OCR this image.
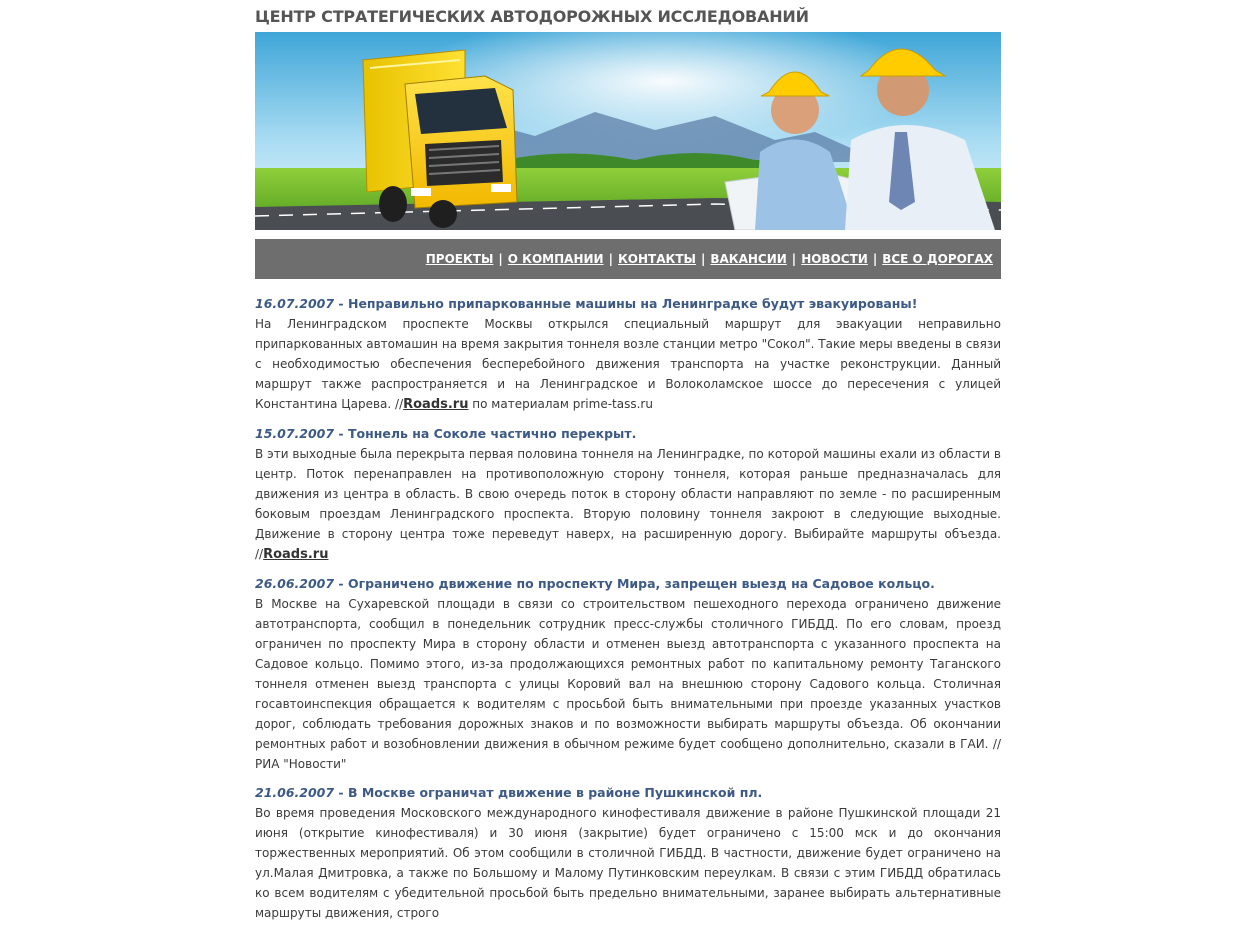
ЦЕНТР СТРАТЕГИЧЕСКИХ АВТОДОРОЖНЫХ ИССЛЕДОВАНИЙ
ПРОЕКТЫ | О КОМПАНИИ | КОНТАКТЫ | ВАКАНСИИ | НОВОСТИ | ВСЕ О ДОРОГАХ
16.07.2007 - Неправильно припаркованные машины на Ленинградке будут эвакуированы!

На Ленинградском проспекте Москвы открылся специальный маршрут для эвакуации неправильно припаркованных автомашин на время закрытия тоннеля возле станции метро "Сокол". Такие меры введены в связи с необходимостью обеспечения бесперебойного движения транспорта на участке реконструкции. Данный маршрут также распространяется и на Ленинградское и Волоколамское шоссе до пересечения с улицей Константина Царева. //Roads.ru по материалам prime-tass.ru

15.07.2007 - Тоннель на Соколе частично перекрыт.

В эти выходные была перекрыта первая половина тоннеля на Ленинградке, по которой машины ехали из области в центр. Поток перенаправлен на противоположную сторону тоннеля, которая раньше предназначалась для движения из центра в область. В свою очередь поток в сторону области направляют по земле - по расширенным боковым проездам Ленинградского проспекта. Вторую половину тоннеля закроют в следующие выходные. Движение в сторону центра тоже переведут наверх, на расширенную дорогу. Выбирайте маршруты объезда. //Roads.ru

26.06.2007 - Ограничено движение по проспекту Мира, запрещен выезд на Садовое кольцо.

В Москве на Сухаревской площади в связи со строительством пешеходного перехода ограничено движение автотранспорта, сообщил в понедельник сотрудник пресс-службы столичного ГИБДД. По его словам, проезд ограничен по проспекту Мира в сторону области и отменен выезд автотранспорта с указанного проспекта на Садовое кольцо. Помимо этого, из-за продолжающихся ремонтных работ по капитальному ремонту Таганского тоннеля отменен выезд транспорта с улицы Коровий вал на внешнюю сторону Садового кольца. Столичная госавтоинспекция обращается к водителям с просьбой быть внимательными при проезде указанных участков дорог, соблюдать требования дорожных знаков и по возможности выбирать маршруты объезда. Об окончании ремонтных работ и возобновлении движения в обычном режиме будет сообщено дополнительно, сказали в ГАИ. // РИА "Новости"

21.06.2007 - В Москве ограничат движение в районе Пушкинской пл.

Во время проведения Московского международного кинофестиваля движение в районе Пушкинской площади 21 июня (открытие кинофестиваля) и 30 июня (закрытие) будет ограничено с 15:00 мск и до окончания торжественных мероприятий. Об этом сообщили в столичной ГИБДД. В частности, движение будет ограничено на ул.Малая Дмитровка, а также по Большому и Малому Путинковским переулкам. В связи с этим ГИБДД обратилась ко всем водителям с убедительной просьбой быть предельно внимательными, заранее выбирать альтернативные маршруты движения, строго
